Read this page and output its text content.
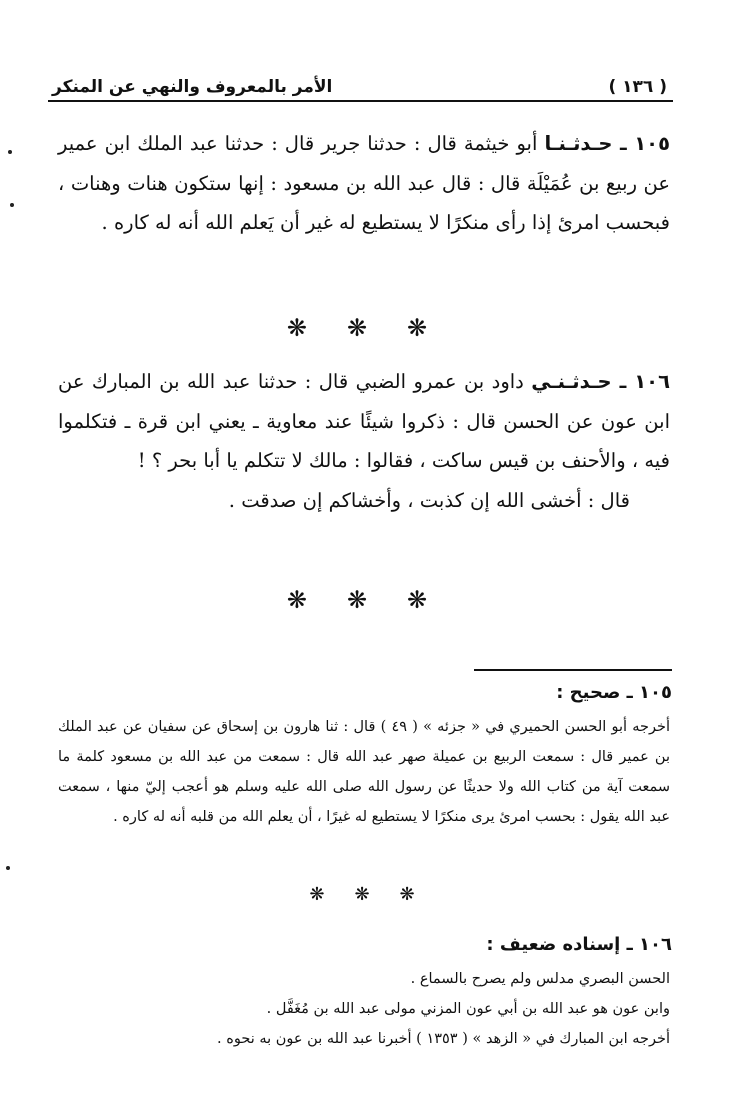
الأمر بالمعروف والنهي عن المنكر	( ١٣٦ )

١٠٥ ـ حـدثـنـا أبو خيثمة قال : حدثنا جرير قال : حدثنا عبد الملك ابن عمير عن ربيع بن عُمَيْلَة قال : قال عبد الله بن مسعود : إنها ستكون هنات وهنات ، فبحسب امرئ إذا رأى منكرًا لا يستطيع له غير أن يَعلم الله أنه له كاره .

❋❋❋

١٠٦ ـ حـدثـنـي داود بن عمرو الضبي قال : حدثنا عبد الله بن المبارك عن ابن عون عن الحسن قال : ذكروا شيئًا عند معاوية ـ يعني ابن قرة ـ فتكلموا فيه ، والأحنف بن قيس ساكت ، فقالوا : مالك لا تتكلم يا أبا بحر ؟ !

قال : أخشى الله إن كذبت ، وأخشاكم إن صدقت .

❋❋❋
١٠٥ ـ صحيح :

أخرجه أبو الحسن الحميري في « جزئه » ( ٤٩ ) قال : ثنا هارون بن إسحاق عن سفيان عن عبد الملك بن عمير قال : سمعت الربيع بن عميلة صهر عبد الله قال : سمعت من عبد الله بن مسعود كلمة ما سمعت آية من كتاب الله ولا حديثًا عن رسول الله صلى الله عليه وسلم هو أعجب إليّ منها ، سمعت عبد الله يقول : بحسب امرئ يرى منكرًا لا يستطيع له غيرًا ، أن يعلم الله من قلبه أنه له كاره .

❋❋❋
١٠٦ ـ إسناده ضعيف :

الحسن البصري مدلس ولم يصرح بالسماع .

وابن عون هو عبد الله بن أبي عون المزني مولى عبد الله بن مُغَفَّل .

أخرجه ابن المبارك في « الزهد » ( ١٣٥٣ ) أخبرنا عبد الله بن عون به نحوه .
